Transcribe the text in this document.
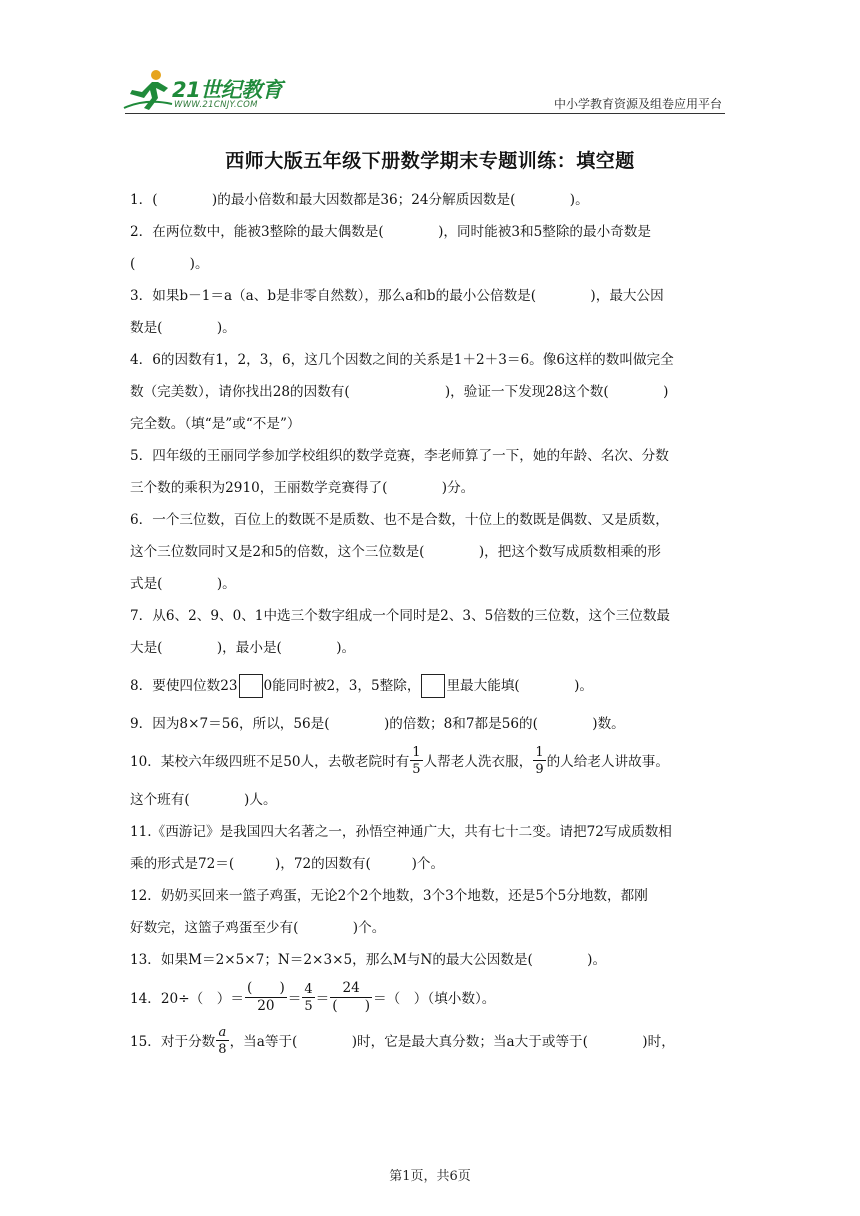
21世纪教育
WWW.21CNJY.COM	中小学教育资源及组卷应用平台
西师大版五年级下册数学期末专题训练：填空题

1．(　　　　)的最小倍数和最大因数都是36；24分解质因数是(　　　　)。

2．在两位数中，能被3整除的最大偶数是(　　　　)，同时能被3和5整除的最小奇数是
(　　　　)。

3．如果b－1＝a（a、b是非零自然数），那么a和b的最小公倍数是(　　　　)，最大公因
数是(　　　　)。

4．6的因数有1，2，3，6，这几个因数之间的关系是1＋2＋3＝6。像6这样的数叫做完全
数（完美数），请你找出28的因数有(　　　　　　　)，验证一下发现28这个数(　　　　)
完全数。（填“是”或“不是”）

5．四年级的王丽同学参加学校组织的数学竞赛，李老师算了一下，她的年龄、名次、分数
三个数的乘积为2910，王丽数学竞赛得了(　　　　)分。

6．一个三位数，百位上的数既不是质数、也不是合数，十位上的数既是偶数、又是质数，
这个三位数同时又是2和5的倍数，这个三位数是(　　　　)，把这个数写成质数相乘的形
式是(　　　　)。

7．从6、2、9、0、1中选三个数字组成一个同时是2、3、5倍数的三位数，这个三位数最
大是(　　　　)，最小是(　　　　)。

8．要使四位数23 0能同时被2，3，5整除， 里最大能填(　　　　)。

9．因为8×7＝56，所以，56是(　　　　)的倍数；8和7都是56的(　　　　)数。

10．某校六年级四班不足50人，去敬老院时有 $\frac{1}{5}$ 人帮老人洗衣服， $\frac{1}{9}$ 的人给老人讲故事。
这个班有(　　　　)人。

11.《西游记》是我国四大名著之一，孙悟空神通广大，共有七十二变。请把72写成质数相
乘的形式是72＝(　　　)，72的因数有(　　　)个。

12．奶奶买回来一篮子鸡蛋，无论2个2个地数，3个3个地数，还是5个5分地数，都刚
好数完，这篮子鸡蛋至少有(　　　　)个。

13．如果M＝2×5×7；N＝2×3×5，那么M与N的最大公因数是(　　　　)。

14．20÷（　）＝ $\frac{( )}{20} = \frac{4}{5} = \frac{24}{( )}$ ＝（　）（填小数）。

15．对于分数 $\frac{a}{8}$ ，当a等于(　　　　)时，它是最大真分数；当a大于或等于(　　　　)时，

第1页，共6页
